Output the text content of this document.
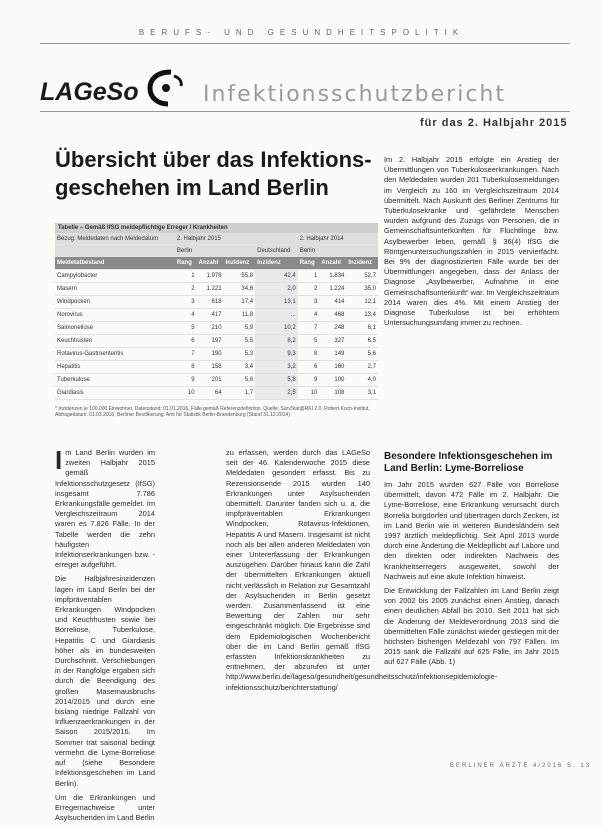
BERUFS- UND GESUNDHEITSPOLITIK
LAGeSo	Infektionsschutzbericht
für das 2. Halbjahr 2015
Übersicht über das Infektions-geschehen im Land Berlin
Tabelle – Gemäß IfSG meldepflichtige Erreger / Krankheiten
Bezug: Meldedaten nach Meldedatum	2. Halbjahr 2015				2. Halbjahr 2014		
	Berlin			Deutschland	Berlin		
Meldetatbestand	Rang	Anzahl	Inzidenz	Inzidenz	Rang	Anzahl	Inzidenz
Campylobacter	1	1.978	55,8	42,4	1	1.834	52,7
Masern	2	1.221	34,6	2,0	2	1.224	35,0
Windpocken	3	618	17,4	13,1	3	414	12,1
Norovirus	4	417	11,8	...	4	468	13,4
Salmonellose	5	210	5,9	10,2	7	248	6,1
Keuchhusten	6	197	5,5	8,2	5	327	6,5
Rotavirus-Gastroenteritis	7	190	5,3	9,3	8	149	5,6
Hepatitis	8	158	3,4	3,2	6	160	2,7
Tuberkulose	9	201	5,6	5,8	9	100	4,0
Giardiasis	10	64	1,7	2,5	10	108	3,1
* Inzidenzen je 100.000 Einwohner, Datenstand: 01.01.2016, Fälle gemäß Referenzdefinition. Quelle: SurvStat@RKI 2.0, Robert Koch-Institut, Abfragedatum: 01.03.2016; Berliner Bevölkerung: Amt für Statistik Berlin-Brandenburg (Stand 31.12.2014)

Im Land Berlin wurden im zweiten Halbjahr 2015 gemäß Infektionsschutzgesetz (IfSG) insgesamt 7.786 Erkrankungsfälle gemeldet. Im Vergleichszeitraum 2014 waren es 7.826 Fälle. In der Tabelle werden die zehn häufigsten Infektionserkrankungen bzw. -erreger aufgeführt.

Die Halbjahresinzidenzen lagen im Land Berlin bei der impfpräventablen Erkrankungen Windpocken und Keuchhusten sowie bei Borreliose, Tuberkulose, Hepatitis C und Giardiasis höher als im bundesweiten Durchschnitt. Verschiebungen in der Rangfolge ergaben sich durch die Beendigung des großen Masernausbruchs 2014/2015 und durch eine bislang niedrige Fallzahl von Influenzaerkrankungen in der Saison 2015/2016. Im Sommer trat saisonal bedingt vermehrt die Lyme-Borreliose auf (siehe Besondere Infektionsgeschehen im Land Berlin).

Um die Erkrankungen und Erregernachweise unter Asylsuchenden im Land Berlin

zu erfassen, werden durch das LAGeSo seit der 46. Kalenderwoche 2015 diese Meldedaten gesondert erfasst. Bis zu Rezensionsende 2015 wurden 140 Erkrankungen unter Asylsuchenden übermittelt. Darunter fanden sich u. a. die impfpräventablen Erkrankungen Windpocken, Rotavirus-Infektionen, Hepatitis A und Masern. Insgesamt ist nicht noch als bei allen anderen Meldedaten von einer Untererfassung der Erkrankungen auszugehen. Darüber hinaus kann die Zahl der übermittelten Erkrankungen aktuell nicht verlässlich in Relation zur Gesamtzahl der Asylsuchenden in Berlin gesetzt werden. Zusammenfassend ist eine Bewertung der Zahlen nur sehr eingeschränkt möglich. Die Ergebnisse sind dem Epidemiologischen Wochenbericht über die im Land Berlin gemäß IfSG erfassten Infektionskrankheiten zu entnehmen, der abzurufen ist unter http://www.berlin.de/lageso/gesundheit/gesundheitsschutz/infektionsepidemiologie-infektionsschutz/berichterstattung/

Im 2. Halbjahr 2015 erfolgte ein Anstieg der Übermittlungen von Tuberkuloseerkrankungen. Nach den Meldedaten wurden 201 Tuberkulosemeldungen im Vergleich zu 160 im Vergleichszeitraum 2014 übermittelt. Nach Auskunft des Berliner Zentrums für Tuberkulosekranke und -gefährdete Menschen wurden aufgrund des Zuzugs von Personen, die in Gemeinschaftsunterkünften für Flüchtlinge bzw. Asylbewerber leben, gemäß § 36(4) IfSG die Röntgenuntersuchungszahlen in 2015 vervierfacht. Bei 9% der diagnostizierten Fälle wurde bei der Übermittlungen angegeben, dass der Anlass der Diagnose „Asylbewerber, Aufnahme in eine Gemeinschaftsunterkunft“ war. Im Vergleichszeitraum 2014 waren dies 4%. Mit einem Anstieg der Diagnose Tuberkulose ist bei erhöhtem Untersuchungsumfang immer zu rechnen.

Besondere Infektionsgeschehen im Land Berlin: Lyme-Borreliose

Im Jahr 2015 wurden 627 Fälle von Borreliose übermittelt, davon 472 Fälle im 2. Halbjahr. Die Lyme-Borreliose, eine Erkrankung verursacht durch Borrelia burgdorferi und übertragen durch Zecken, ist im Land Berlin wie in weiteren Bundesländern seit 1997 ärztlich meldepflichtig. Seit April 2013 wurde durch eine Änderung die Meldepflicht auf Labore und den direkten oder indirekten Nachweis des Krankheitserregers ausgeweitet, sowohl der Nachweis auf eine akute Infektion hinweist.

Die Entwicklung der Fallzahlen im Land Berlin zeigt von 2002 bis 2005 zunächst einen Anstieg, danach einen deutlichen Abfall bis 2010. Seit 2011 hat sich die Änderung der Meldeverordnung 2013 sind die übermittelten Fälle zunächst wieder gestiegen mit der höchsten bisherigen Meldezahl von 797 Fällen. Im 2015 sank die Fallzahl auf 625 Fälle, im Jahr 2015 auf 627 Fälle (Abb. 1)

BERLINER ÄRZTE 4/2016 S. 13
